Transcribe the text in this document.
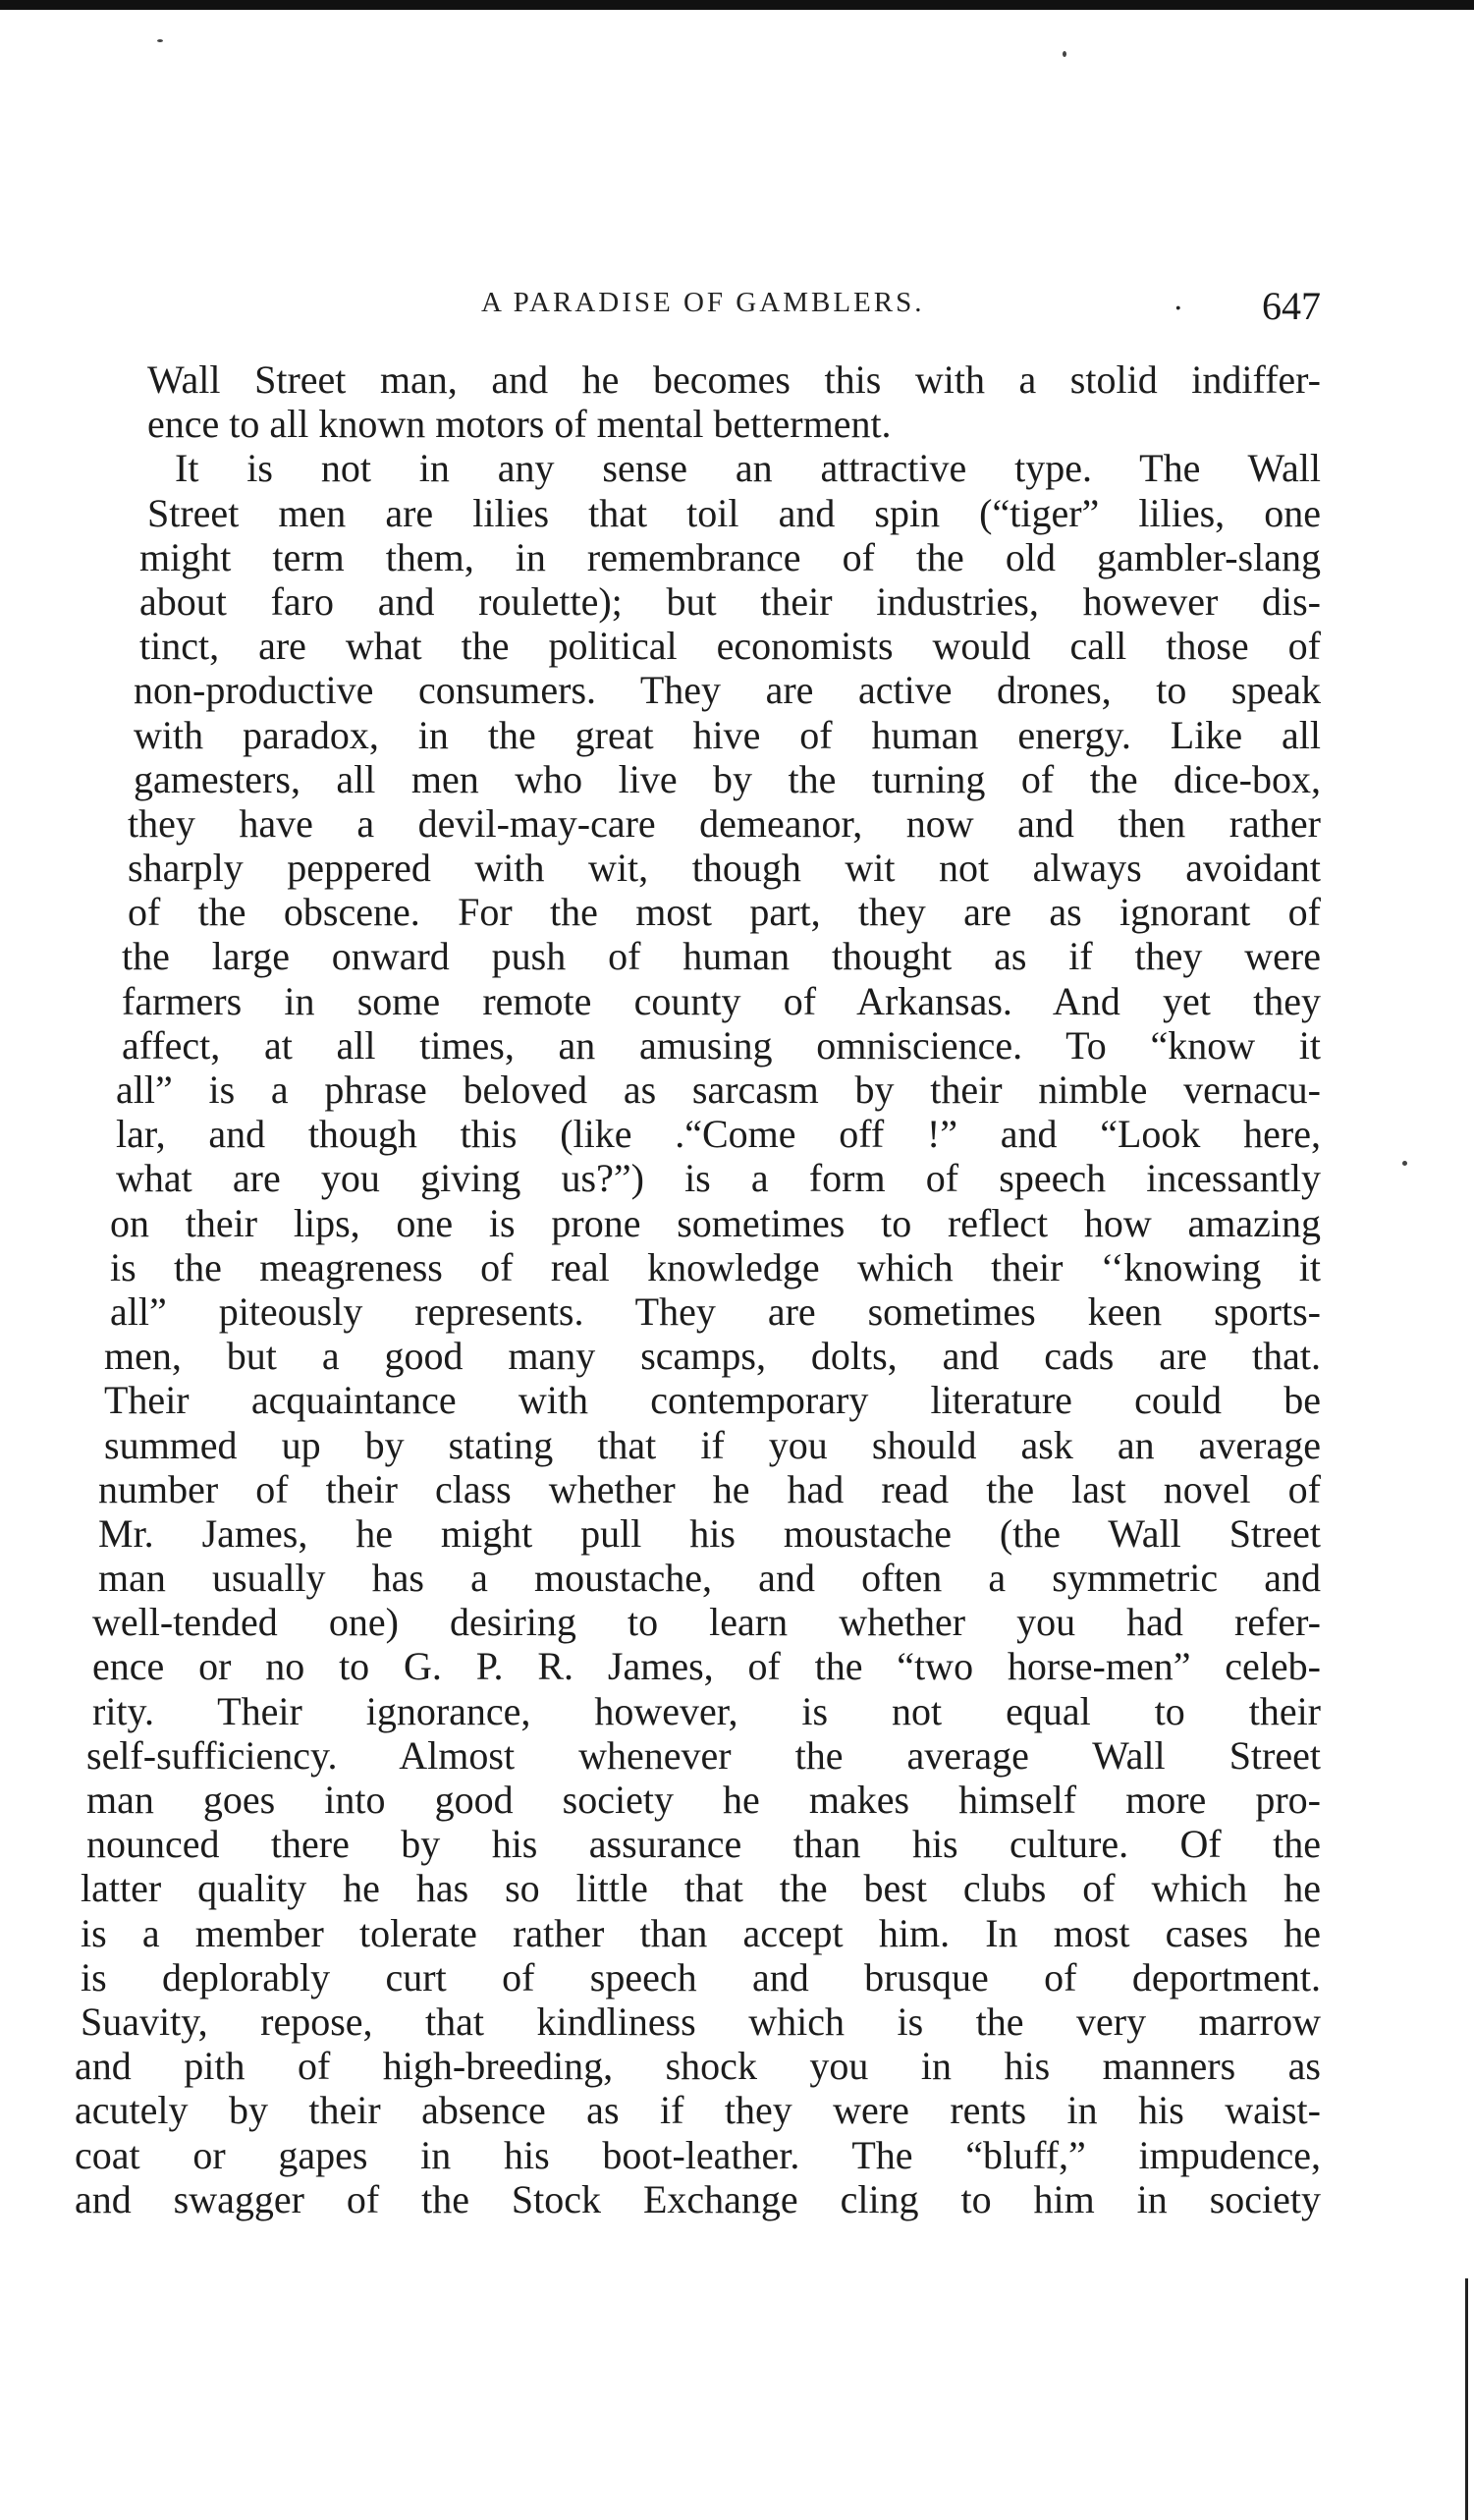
A PARADISE OF GAMBLERS.	. 647
Wall Street man, and he becomes this with a stolid indiffer-
ence to all known motors of mental betterment.
It is not in any sense an attractive type. The Wall
Street men are lilies that toil and spin (“tiger” lilies, one
might term them, in remembrance of the old gambler-slang
about faro and roulette); but their industries, however dis-
tinct, are what the political economists would call those of
non-productive consumers. They are active drones, to speak
with paradox, in the great hive of human energy. Like all
gamesters, all men who live by the turning of the dice-box,
they have a devil-may-care demeanor, now and then rather
sharply peppered with wit, though wit not always avoidant
of the obscene. For the most part, they are as ignorant of
the large onward push of human thought as if they were
farmers in some remote county of Arkansas. And yet they
affect, at all times, an amusing omniscience. To “know it
all” is a phrase beloved as sarcasm by their nimble vernacu-
lar, and though this (like .“Come off !” and “Look here,
what are you giving us?”) is a form of speech incessantly
on their lips, one is prone sometimes to reflect how amazing
is the meagreness of real knowledge which their ‘‘knowing it
all” piteously represents. They are sometimes keen sports-
men, but a good many scamps, dolts, and cads are that.
Their acquaintance with contemporary literature could be
summed up by stating that if you should ask an average
number of their class whether he had read the last novel of
Mr. James, he might pull his moustache (the Wall Street
man usually has a moustache, and often a symmetric and
well-tended one) desiring to learn whether you had refer-
ence or no to G. P. R. James, of the “two horse-men” celeb-
rity. Their ignorance, however, is not equal to their
self-sufficiency. Almost whenever the average Wall Street
man goes into good society he makes himself more pro-
nounced there by his assurance than his culture. Of the
latter quality he has so little that the best clubs of which he
is a member tolerate rather than accept him. In most cases he
is deplorably curt of speech and brusque of deportment.
Suavity, repose, that kindliness which is the very marrow
and pith of high-breeding, shock you in his manners as
acutely by their absence as if they were rents in his waist-
coat or gapes in his boot-leather. The “bluff,” impudence,
and swagger of the Stock Exchange cling to him in society
